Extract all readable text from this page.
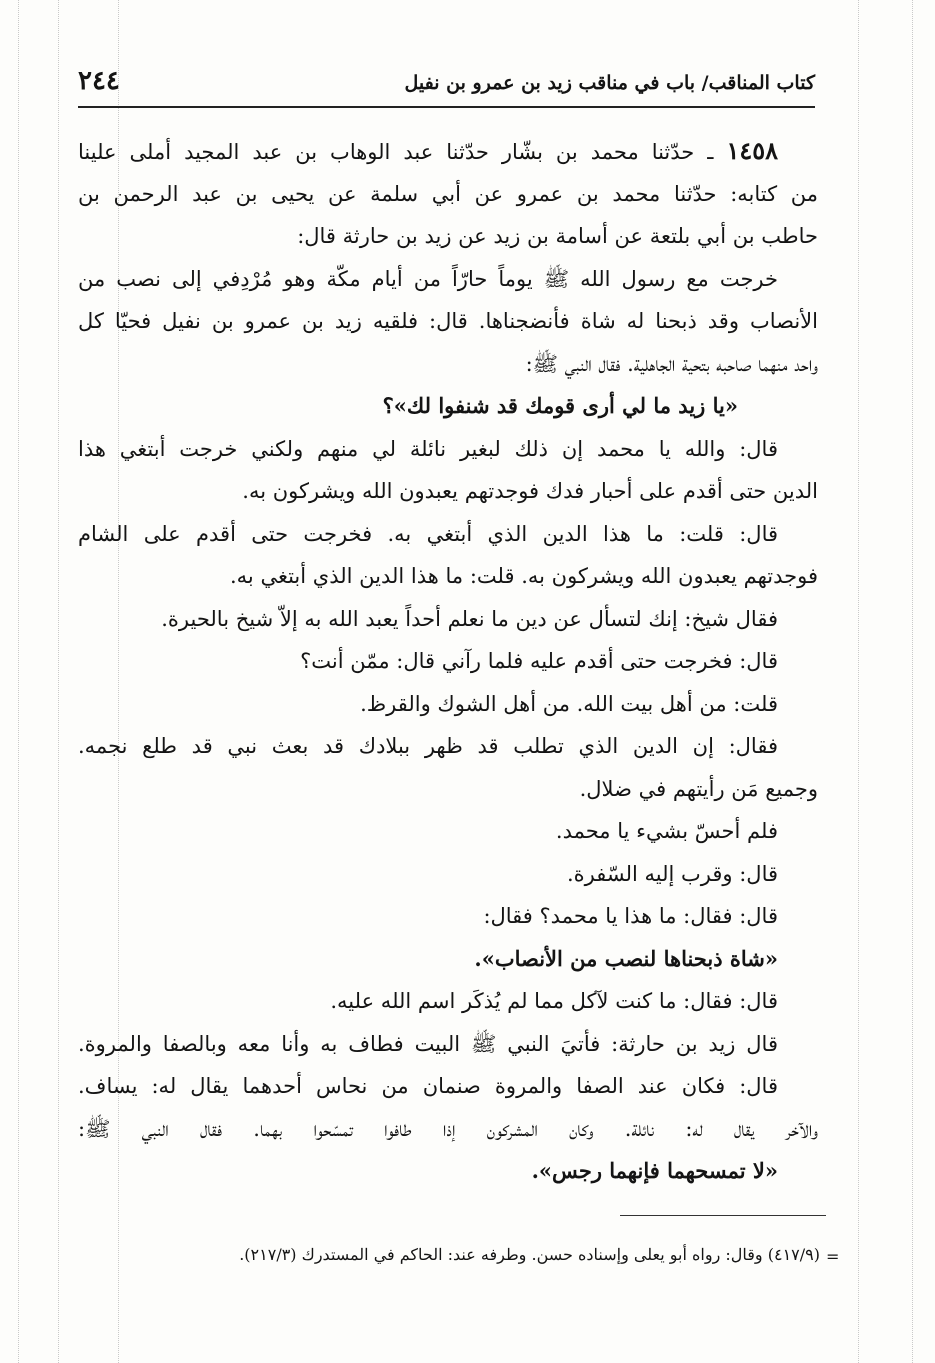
٢٤٤	كتاب المناقب/ باب في مناقب زيد بن عمرو بن نفيل
١٤٥٨ ـ حدّثنا محمد بن بشّار حدّثنا عبد الوهاب بن عبد المجيد أملى علينا
من كتابه: حدّثنا محمد بن عمرو عن أبي سلمة عن يحيى بن عبد الرحمن بن
حاطب بن أبي بلتعة عن أسامة بن زيد عن زيد بن حارثة قال:
خرجت مع رسول الله ﷺ يوماً حارّاً من أيام مكّة وهو مُرْدِفي إلى نصب من
الأنصاب وقد ذبحنا له شاة فأنضجناها. قال: فلقيه زيد بن عمرو بن نفيل فحيّا كل
واحد منهما صاحبه بتحية الجاهلية. فقال النبي ﷺ:
«يا زيد ما لي أرى قومك قد شنفوا لك»؟
قال: والله يا محمد إن ذلك لبغير نائلة لي منهم ولكني خرجت أبتغي هذا
الدين حتى أقدم على أحبار فدك فوجدتهم يعبدون الله ويشركون به.
قال: قلت: ما هذا الدين الذي أبتغي به. فخرجت حتى أقدم على الشام
فوجدتهم يعبدون الله ويشركون به. قلت: ما هذا الدين الذي أبتغي به.
فقال شيخ: إنك لتسأل عن دين ما نعلم أحداً يعبد الله به إلاّ شيخ بالحيرة.
قال: فخرجت حتى أقدم عليه فلما رآني قال: ممّن أنت؟
قلت: من أهل بيت الله. من أهل الشوك والقرظ.
فقال: إن الدين الذي تطلب قد ظهر ببلادك قد بعث نبي قد طلع نجمه.
وجميع مَن رأيتهم في ضلال.
فلم أحسّ بشيء يا محمد.
قال: وقرب إليه السّفرة.
قال: فقال: ما هذا يا محمد؟ فقال:
«شاة ذبحناها لنصب من الأنصاب».
قال: فقال: ما كنت لآكل مما لم يُذكَر اسم الله عليه.
قال زيد بن حارثة: فأتيَ النبي ﷺ البيت فطاف به وأنا معه وبالصفا والمروة.
قال: فكان عند الصفا والمروة صنمان من نحاس أحدهما يقال له: يساف.
والآخر يقال له: نائلة. وكان المشركون إذا طافوا تمسّحوا بهما. فقال النبي ﷺ:
«لا تمسحهما فإنهما رجس».
=
(٤١٧/٩) وقال: رواه أبو يعلى وإسناده حسن. وطرفه عند: الحاكم في المستدرك (٢١٧/٣).
